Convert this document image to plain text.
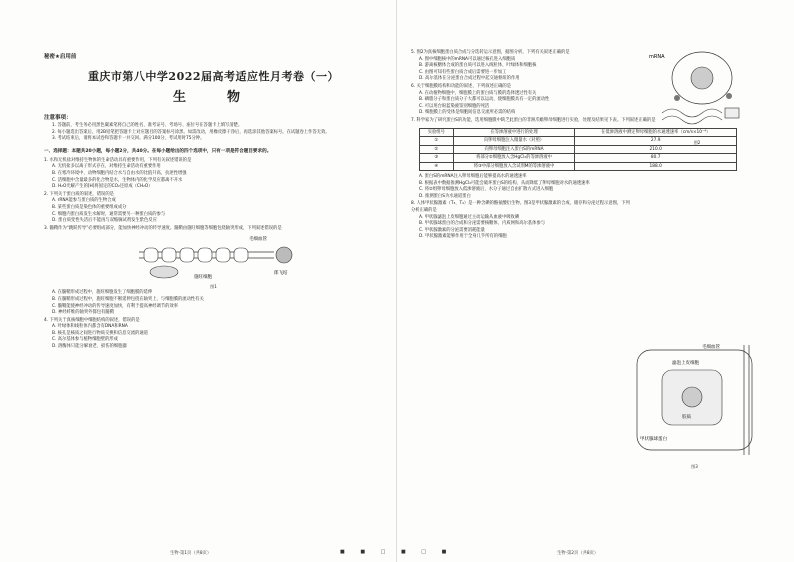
秘密★启用前
重庆市第八中学2022届高考适应性月考卷（一）
生　物
注意事项：
1. 答题前，考生务必用黑色碳素笔将自己的姓名、准考证号、考场号、座位号在答题卡上填写清楚。
2. 每小题选出答案后，用2B铅笔把答题卡上对应题目的答案标号涂黑。如需改动，用橡皮擦干净后，再选涂其他答案标号。在试题卷上作答无效。
3. 考试结束后，请将本试卷和答题卡一并交回。满分100分，考试用时75分钟。
一、选择题：本题共20小题，每小题2分，共40分。在每小题给出的四个选项中，只有一项是符合题目要求的。
1. 水和无机盐对维持生物体的生命活动具有重要作用，下列有关叙述错误的是
A. 无机盐多以离子形式存在，对维持生命活动有重要作用
B. 在寒冷环境中，动物细胞内结合水与自由水的比值升高，抗逆性增强
C. 活细胞中含量最多的化合物是水，生物体内的化学反应都离不开水
D. H₂O光解产生的[H]将固定的CO₂还原成（CH₂O）
2. 下列关于蛋白质的叙述，错误的是
A. rRNA能参与蛋白质的生物合成
B. 某些蛋白质是染色体的重要组成成分
C. 细胞内蛋白质发生水解时，通常需要另一种蛋白质的参与
D. 蛋白质变性失活后不能再与双缩脲试剂发生紫色反应
3. 髓鞘作为“跳跃传导”必要组成部分，能加快神经冲动的传导速度。髓鞘由施旺细胞等细胞包绕轴突形成，下列叙述错误的是
毛细血管
施旺细胞
郎飞结
图1
A. 在髓鞘形成过程中，施旺细胞发生了细胞膜的延伸
B. 在髓鞘形成过程中，施旺细胞不断延伸包绕在轴突上，与细胞膜的流动性有关
C. 髓鞘能使神经冲动的传导速度加快，有利于提高神经调节的效率
D. 神经纤维的轴突外都包有髓鞘
4. 下列关于真核细胞中细胞结构的叙述，错误的是
A. 叶绿体和线粒体内都含有DNA和RNA
B. 核孔是核质之间进行物质交换和信息交流的通道
C. 高尔基体参与植物细胞壁的形成
D. 溶酶体只能分解衰老、损伤的细胞器
生物·第1页（共8页）
5. 图2为真核细胞蛋白质合成与分选转运示意图，据图分析，下列有关叙述正确的是
A. 图中细胞核中的mRNA可以通过核孔进入细胞质
B. 游离核糖体合成的蛋白质可以进入线粒体、叶绿体和细胞核
C. 由图可知有些蛋白质合成后需要进一步加工
D. 高尔基体在分泌蛋白合成过程中起交通枢纽的作用
mRNA
图2
6. 关于细胞膜结构和功能的叙述，下列叙述正确的是
A. 在动植物细胞中，细胞膜上的蛋白质与膜的选择透过性有关
B. 磷脂分子和蛋白质分子大都可以运动，使细胞膜具有一定的流动性
C. 可以用台盼蓝染液鉴别细胞的死活
D. 细胞膜上的受体是细胞间信息交流所必需的结构
7. 科学家为了研究蛋白S的功能，选用细胞膜中缺乏此蛋白的非洲爪蟾卵母细胞进行实验，处理及结果见下表。下列叙述正确的是
实验组号	在等渗溶液中进行的处理	在低渗溶液中测定卵母细胞的水通透速率（cm/s×10⁻⁴）
①	向卵母细胞注入微量水（对照）	27.9
②	向卵母细胞注入蛋白S的mRNA	210.0
③	将部分②细胞放入含HgCl₂的等渗溶液中	80.7
④	将③中部分细胞放入含试剂M的等渗溶液中	188.0
A. 蛋白S的mRNA注入卵母细胞后能够提高水的通透速率
B. 根据表中数据推测HgCl₂可能会破坏蛋白S的结构，从而降低了卵母细胞对水的通透速率
C. 将②组卵母细胞放入低渗溶液后，水分子通过自由扩散方式进入细胞
D. 推测蛋白S为水通道蛋白
8. 人体甲状腺激素（T₃、T₄）是一种含碘的酪氨酸衍生物。图3是甲状腺激素的合成、储存和分泌过程示意图，下列分析正确的是
A. 甲状腺滤泡上皮细胞通过主动运输从血液中吸收碘
B. 甲状腺球蛋白的合成和分泌需要核糖体、内质网和高尔基体参与
C. 甲状腺激素的分泌需要消耗能量
D. 甲状腺激素能够作用于全身几乎所有的细胞
毛细血管
滤泡上皮细胞
胶质
甲状腺球蛋白
图3
生物·第2页（共8页）
■ ■ □ ■ □ ■
